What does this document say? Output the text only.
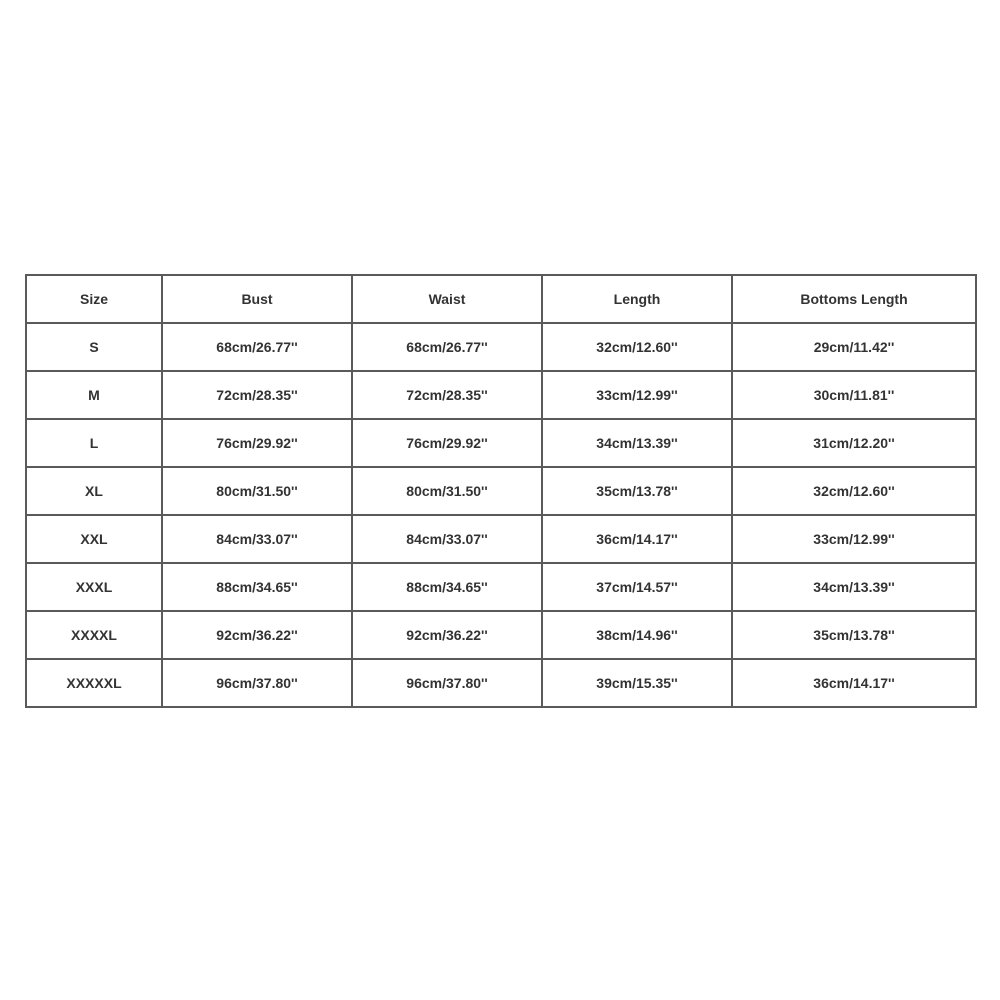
Size	Bust	Waist	Length	Bottoms Length
S	68cm/26.77''	68cm/26.77''	32cm/12.60''	29cm/11.42''
M	72cm/28.35''	72cm/28.35''	33cm/12.99''	30cm/11.81''
L	76cm/29.92''	76cm/29.92''	34cm/13.39''	31cm/12.20''
XL	80cm/31.50''	80cm/31.50''	35cm/13.78''	32cm/12.60''
XXL	84cm/33.07''	84cm/33.07''	36cm/14.17''	33cm/12.99''
XXXL	88cm/34.65''	88cm/34.65''	37cm/14.57''	34cm/13.39''
XXXXL	92cm/36.22''	92cm/36.22''	38cm/14.96''	35cm/13.78''
XXXXXL	96cm/37.80''	96cm/37.80''	39cm/15.35''	36cm/14.17''
